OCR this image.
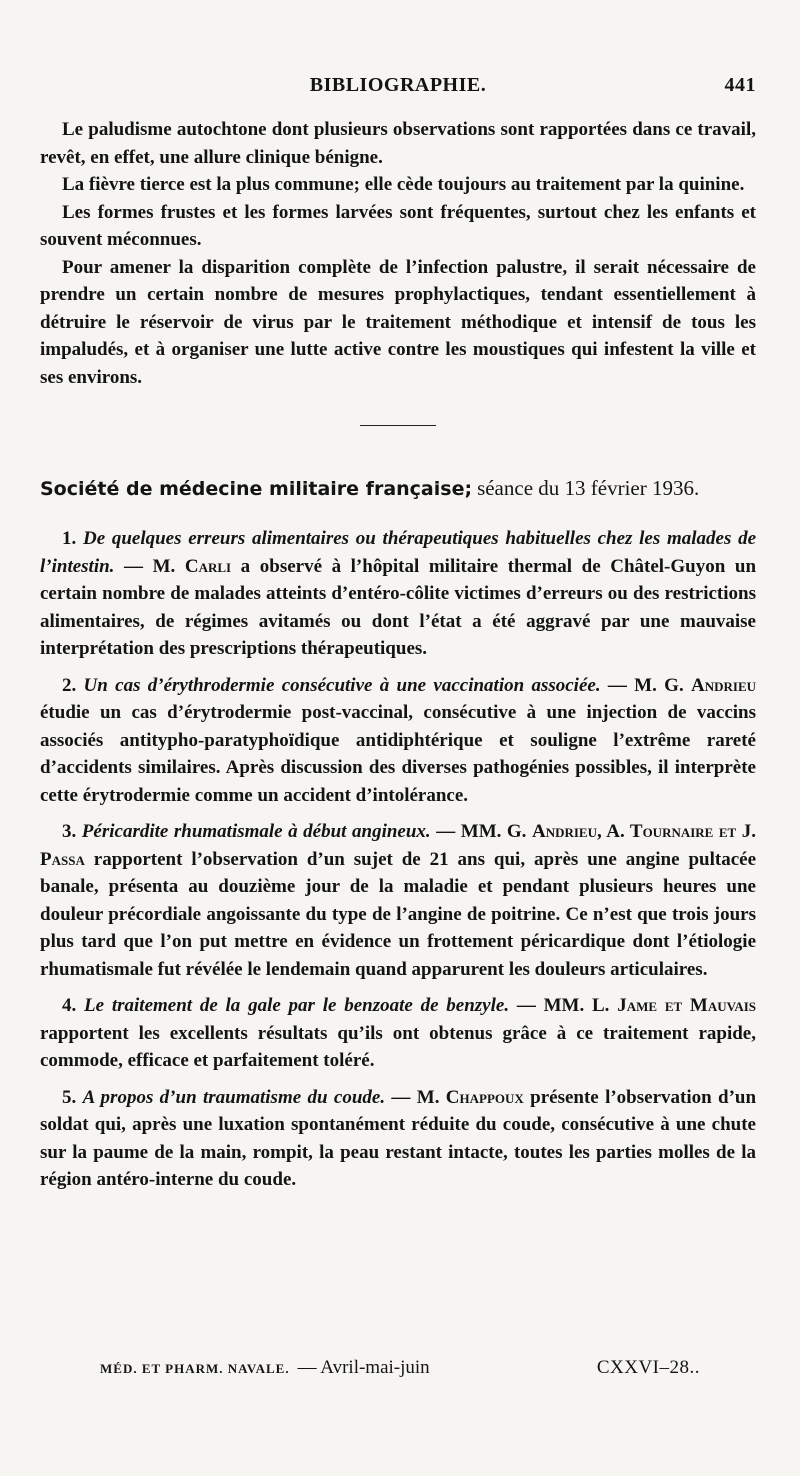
BIBLIOGRAPHIE.	441

Le paludisme autochtone dont plusieurs observations sont rapportées dans ce travail, revêt, en effet, une allure clinique bénigne.

La fièvre tierce est la plus commune; elle cède toujours au traitement par la quinine.

Les formes frustes et les formes larvées sont fréquentes, surtout chez les enfants et souvent méconnues.

Pour amener la disparition complète de l’infection palustre, il serait nécessaire de prendre un certain nombre de mesures prophylactiques, tendant essentiellement à détruire le réservoir de virus par le traitement méthodique et intensif de tous les impaludés, et à organiser une lutte active contre les moustiques qui infestent la ville et ses environs.

Société de médecine militaire française; séance du 13 février 1936.

1. De quelques erreurs alimentaires ou thérapeutiques habituelles chez les malades de l’intestin. — M. Carli a observé à l’hôpital militaire thermal de Châtel-Guyon un certain nombre de malades atteints d’entéro-côlite victimes d’erreurs ou des restrictions alimentaires, de régimes avitamés ou dont l’état a été aggravé par une mauvaise interprétation des prescriptions thérapeutiques.

2. Un cas d’érythrodermie consécutive à une vaccination associée. — M. G. Andrieu étudie un cas d’érytrodermie post-vaccinal, consécutive à une injection de vaccins associés antitypho-paratyphoïdique antidiphtérique et souligne l’extrême rareté d’accidents similaires. Après discussion des diverses pathogénies possibles, il interprète cette érytrodermie comme un accident d’intolérance.

3. Péricardite rhumatismale à début angineux. — MM. G. Andrieu, A. Tournaire et J. Passa rapportent l’observation d’un sujet de 21 ans qui, après une angine pultacée banale, présenta au douzième jour de la maladie et pendant plusieurs heures une douleur précordiale angoissante du type de l’angine de poitrine. Ce n’est que trois jours plus tard que l’on put mettre en évidence un frottement péricardique dont l’étiologie rhumatismale fut révélée le lendemain quand apparurent les douleurs articulaires.

4. Le traitement de la gale par le benzoate de benzyle. — MM. L. Jame et Mauvais rapportent les excellents résultats qu’ils ont obtenus grâce à ce traitement rapide, commode, efficace et parfaitement toléré.

5. A propos d’un traumatisme du coude. — M. Chappoux présente l’observation d’un soldat qui, après une luxation spontanément réduite du coude, consécutive à une chute sur la paume de la main, rompit, la peau restant intacte, toutes les parties molles de la région antéro-interne du coude.

MÉD. ET PHARM. NAVALE. — Avril-mai-juin	CXXVI–28..
